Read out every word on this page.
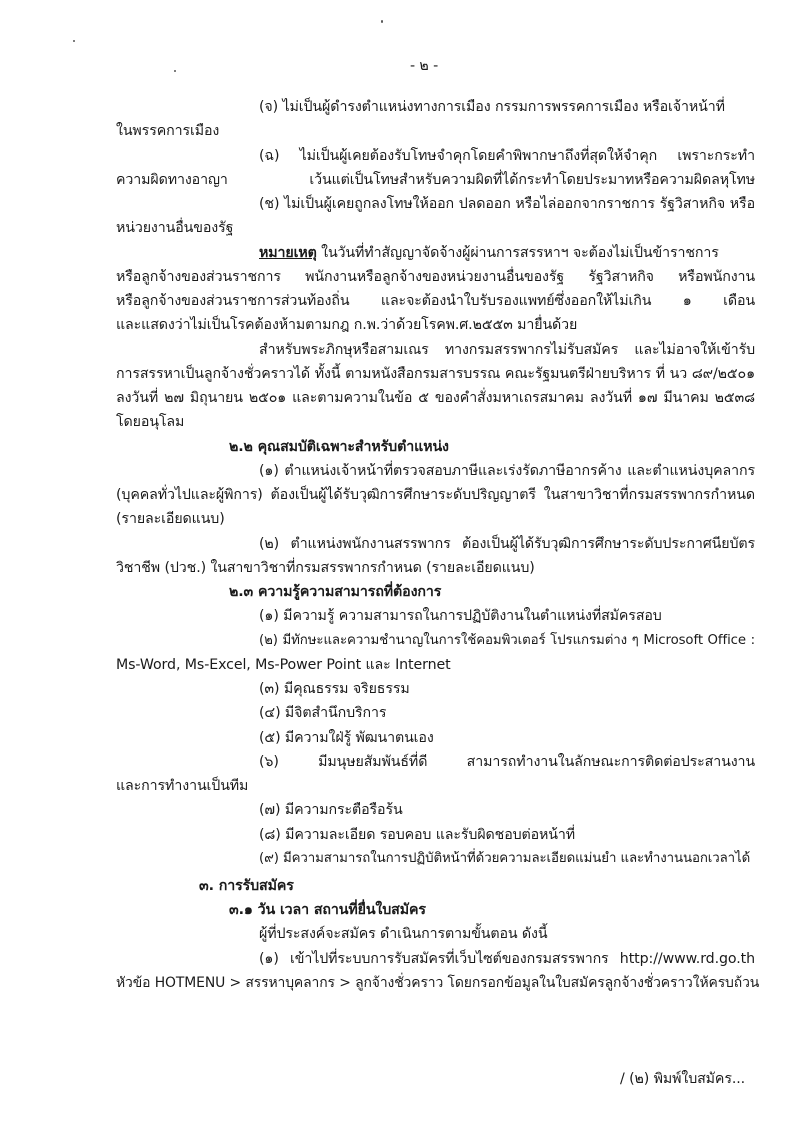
- ๒ -
(จ) ไม่เป็นผู้ดำรงตำแหน่งทางการเมือง กรรมการพรรคการเมือง หรือเจ้าหน้าที่
ในพรรคการเมือง
(ฉ) ไม่เป็นผู้เคยต้องรับโทษจำคุกโดยคำพิพากษาถึงที่สุดให้จำคุก เพราะกระทำ
ความผิดทางอาญา เว้นแต่เป็นโทษสำหรับความผิดที่ได้กระทำโดยประมาทหรือความผิดลหุโทษ
(ช) ไม่เป็นผู้เคยถูกลงโทษให้ออก ปลดออก หรือไล่ออกจากราชการ รัฐวิสาหกิจ หรือ
หน่วยงานอื่นของรัฐ
หมายเหตุ ในวันที่ทำสัญญาจัดจ้างผู้ผ่านการสรรหาฯ จะต้องไม่เป็นข้าราชการ
หรือลูกจ้างของส่วนราชการ พนักงานหรือลูกจ้างของหน่วยงานอื่นของรัฐ รัฐวิสาหกิจ หรือพนักงาน
หรือลูกจ้างของส่วนราชการส่วนท้องถิ่น และจะต้องนำใบรับรองแพทย์ซึ่งออกให้ไม่เกิน ๑ เดือน
และแสดงว่าไม่เป็นโรคต้องห้ามตามกฎ ก.พ.ว่าด้วยโรคพ.ศ.๒๕๕๓ มายื่นด้วย
สำหรับพระภิกษุหรือสามเณร ทางกรมสรรพากรไม่รับสมัคร และไม่อาจให้เข้ารับ
การสรรหาเป็นลูกจ้างชั่วคราวได้ ทั้งนี้ ตามหนังสือกรมสารบรรณ คณะรัฐมนตรีฝ่ายบริหาร ที่ นว ๘๙/๒๕๐๑
ลงวันที่ ๒๗ มิถุนายน ๒๕๐๑ และตามความในข้อ ๕ ของคำสั่งมหาเถรสมาคม ลงวันที่ ๑๗ มีนาคม ๒๕๓๘
โดยอนุโลม
๒.๒ คุณสมบัติเฉพาะสำหรับตำแหน่ง
(๑) ตำแหน่งเจ้าหน้าที่ตรวจสอบภาษีและเร่งรัดภาษีอากรค้าง และตำแหน่งบุคลากร
(บุคคลทั่วไปและผู้พิการ) ต้องเป็นผู้ได้รับวุฒิการศึกษาระดับปริญญาตรี ในสาขาวิชาที่กรมสรรพากรกำหนด
(รายละเอียดแนบ)
(๒) ตำแหน่งพนักงานสรรพากร ต้องเป็นผู้ได้รับวุฒิการศึกษาระดับประกาศนียบัตร
วิชาชีพ (ปวช.) ในสาขาวิชาที่กรมสรรพากรกำหนด (รายละเอียดแนบ)
๒.๓ ความรู้ความสามารถที่ต้องการ
(๑) มีความรู้ ความสามารถในการปฏิบัติงานในตำแหน่งที่สมัครสอบ
(๒) มีทักษะและความชำนาญในการใช้คอมพิวเตอร์ โปรแกรมต่าง ๆ Microsoft Office :
Ms-Word, Ms-Excel, Ms-Power Point และ Internet
(๓) มีคุณธรรม จริยธรรม
(๔) มีจิตสำนึกบริการ
(๕) มีความใฝ่รู้ พัฒนาตนเอง
(๖) มีมนุษยสัมพันธ์ที่ดี สามารถทำงานในลักษณะการติดต่อประสานงาน
และการทำงานเป็นทีม
(๗) มีความกระตือรือร้น
(๘) มีความละเอียด รอบคอบ และรับผิดชอบต่อหน้าที่
(๙) มีความสามารถในการปฏิบัติหน้าที่ด้วยความละเอียดแม่นยำ และทำงานนอกเวลาได้
๓. การรับสมัคร
๓.๑ วัน เวลา สถานที่ยื่นใบสมัคร
ผู้ที่ประสงค์จะสมัคร ดำเนินการตามขั้นตอน ดังนี้
(๑) เข้าไปที่ระบบการรับสมัครที่เว็บไซต์ของกรมสรรพากร http://www.rd.go.th
หัวข้อ HOTMENU > สรรหาบุคลากร > ลูกจ้างชั่วคราว โดยกรอกข้อมูลในใบสมัครลูกจ้างชั่วคราวให้ครบถ้วน
/ (๒) พิมพ์ใบสมัคร...
